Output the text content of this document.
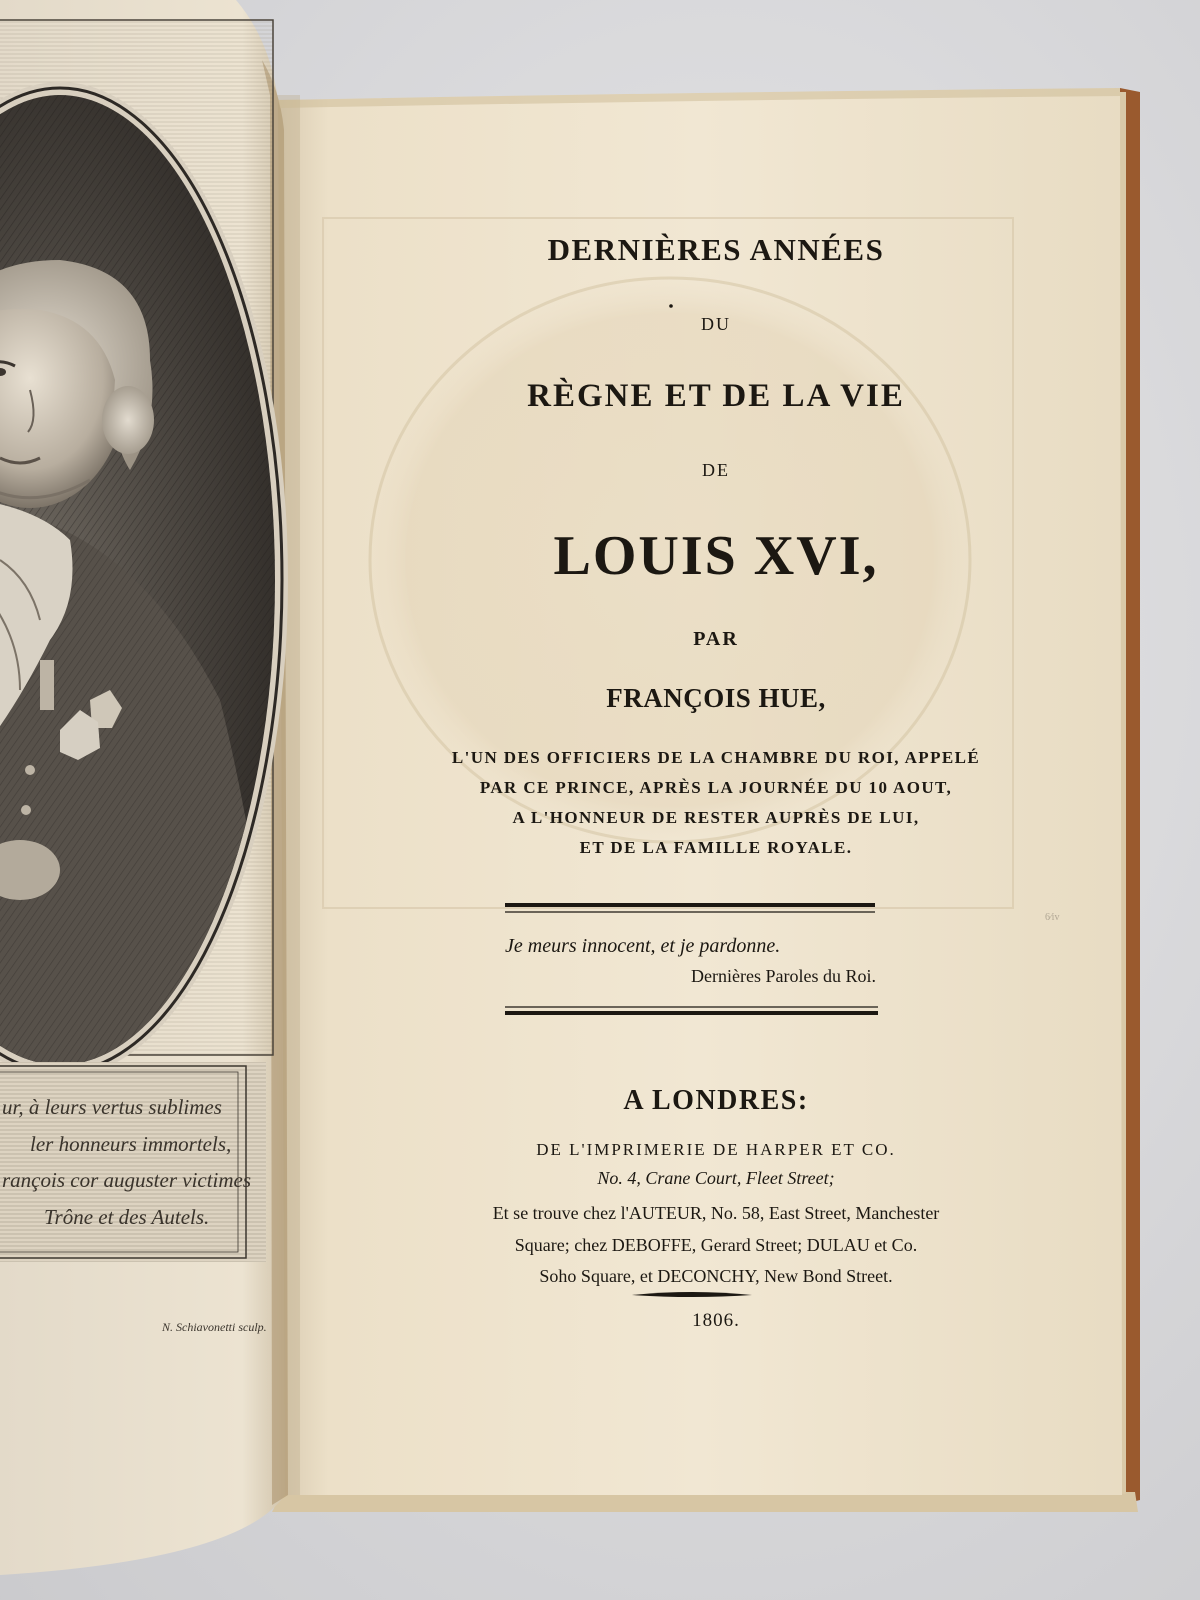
6⁄iv
DERNIÈRES ANNÉES
DU
RÈGNE ET DE LA VIE
DE
LOUIS XVI,
PAR
FRANÇOIS HUE,
L'UN DES OFFICIERS DE LA CHAMBRE DU ROI, APPELÉ
PAR CE PRINCE, APRÈS LA JOURNÉE DU 10 AOUT,
A L'HONNEUR DE RESTER AUPRÈS DE LUI,
ET DE LA FAMILLE ROYALE.
Je meurs innocent, et je pardonne.
Dernières Paroles du Roi.
A LONDRES:
DE L'IMPRIMERIE DE HARPER ET CO.
No. 4, Crane Court, Fleet Street;
Et se trouve chez l'AUTEUR, No. 58, East Street, Manchester
Square; chez DEBOFFE, Gerard Street; DULAU et Co.
Soho Square, et DECONCHY, New Bond Street.
1806.
ur, à leurs vertus sublimes
ler honneurs immortels,
rançois cor auguster victimes
Trône et des Autels.
N. Schiavonetti sculp.
